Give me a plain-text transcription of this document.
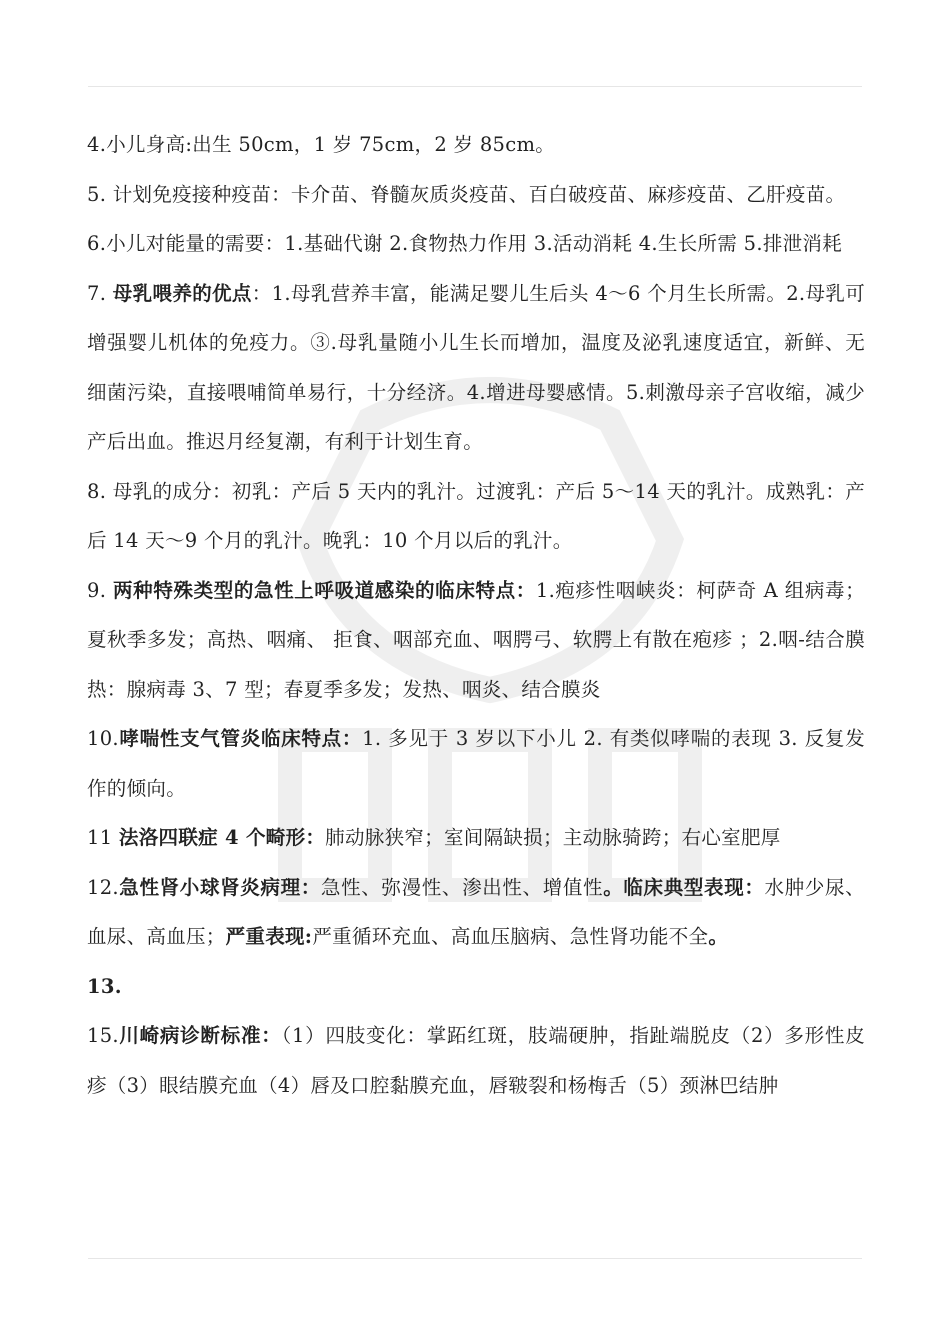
4.小儿身高:出生 50cm，1 岁 75cm，2 岁 85cm。

5. 计划免疫接种疫苗：卡介苗、脊髓灰质炎疫苗、百白破疫苗、麻疹疫苗、乙肝疫苗。

6.小儿对能量的需要：1.基础代谢 2.食物热力作用 3.活动消耗 4.生长所需 5.排泄消耗

7. 母乳喂养的优点：1.母乳营养丰富，能满足婴儿生后头 4～6 个月生长所需。2.母乳可增强婴儿机体的免疫力。③.母乳量随小儿生长而增加，温度及泌乳速度适宜，新鲜、无细菌污染，直接喂哺简单易行，十分经济。4.增进母婴感情。5.刺激母亲子宫收缩，减少产后出血。推迟月经复潮，有利于计划生育。

8. 母乳的成分：初乳：产后 5 天内的乳汁。过渡乳：产后 5～14 天的乳汁。成熟乳：产后 14 天～9 个月的乳汁。晚乳：10 个月以后的乳汁。

9. 两种特殊类型的急性上呼吸道感染的临床特点：1.疱疹性咽峡炎：柯萨奇 A 组病毒；夏秋季多发；高热、咽痛、 拒食、咽部充血、咽腭弓、软腭上有散在疱疹 ；2.咽-结合膜热：腺病毒 3、7 型；春夏季多发；发热、咽炎、结合膜炎

10.哮喘性支气管炎临床特点：1. 多见于 3 岁以下小儿 2. 有类似哮喘的表现 3. 反复发作的倾向。

11 法洛四联症 4 个畸形：肺动脉狭窄；室间隔缺损；主动脉骑跨；右心室肥厚

12.急性肾小球肾炎病理：急性、弥漫性、渗出性、增值性。临床典型表现：水肿少尿、血尿、高血压；严重表现:严重循环充血、高血压脑病、急性肾功能不全。

13.

15.川崎病诊断标准：（1）四肢变化：掌跖红斑，肢端硬肿，指趾端脱皮（2）多形性皮疹（3）眼结膜充血（4）唇及口腔黏膜充血，唇皲裂和杨梅舌（5）颈淋巴结肿
